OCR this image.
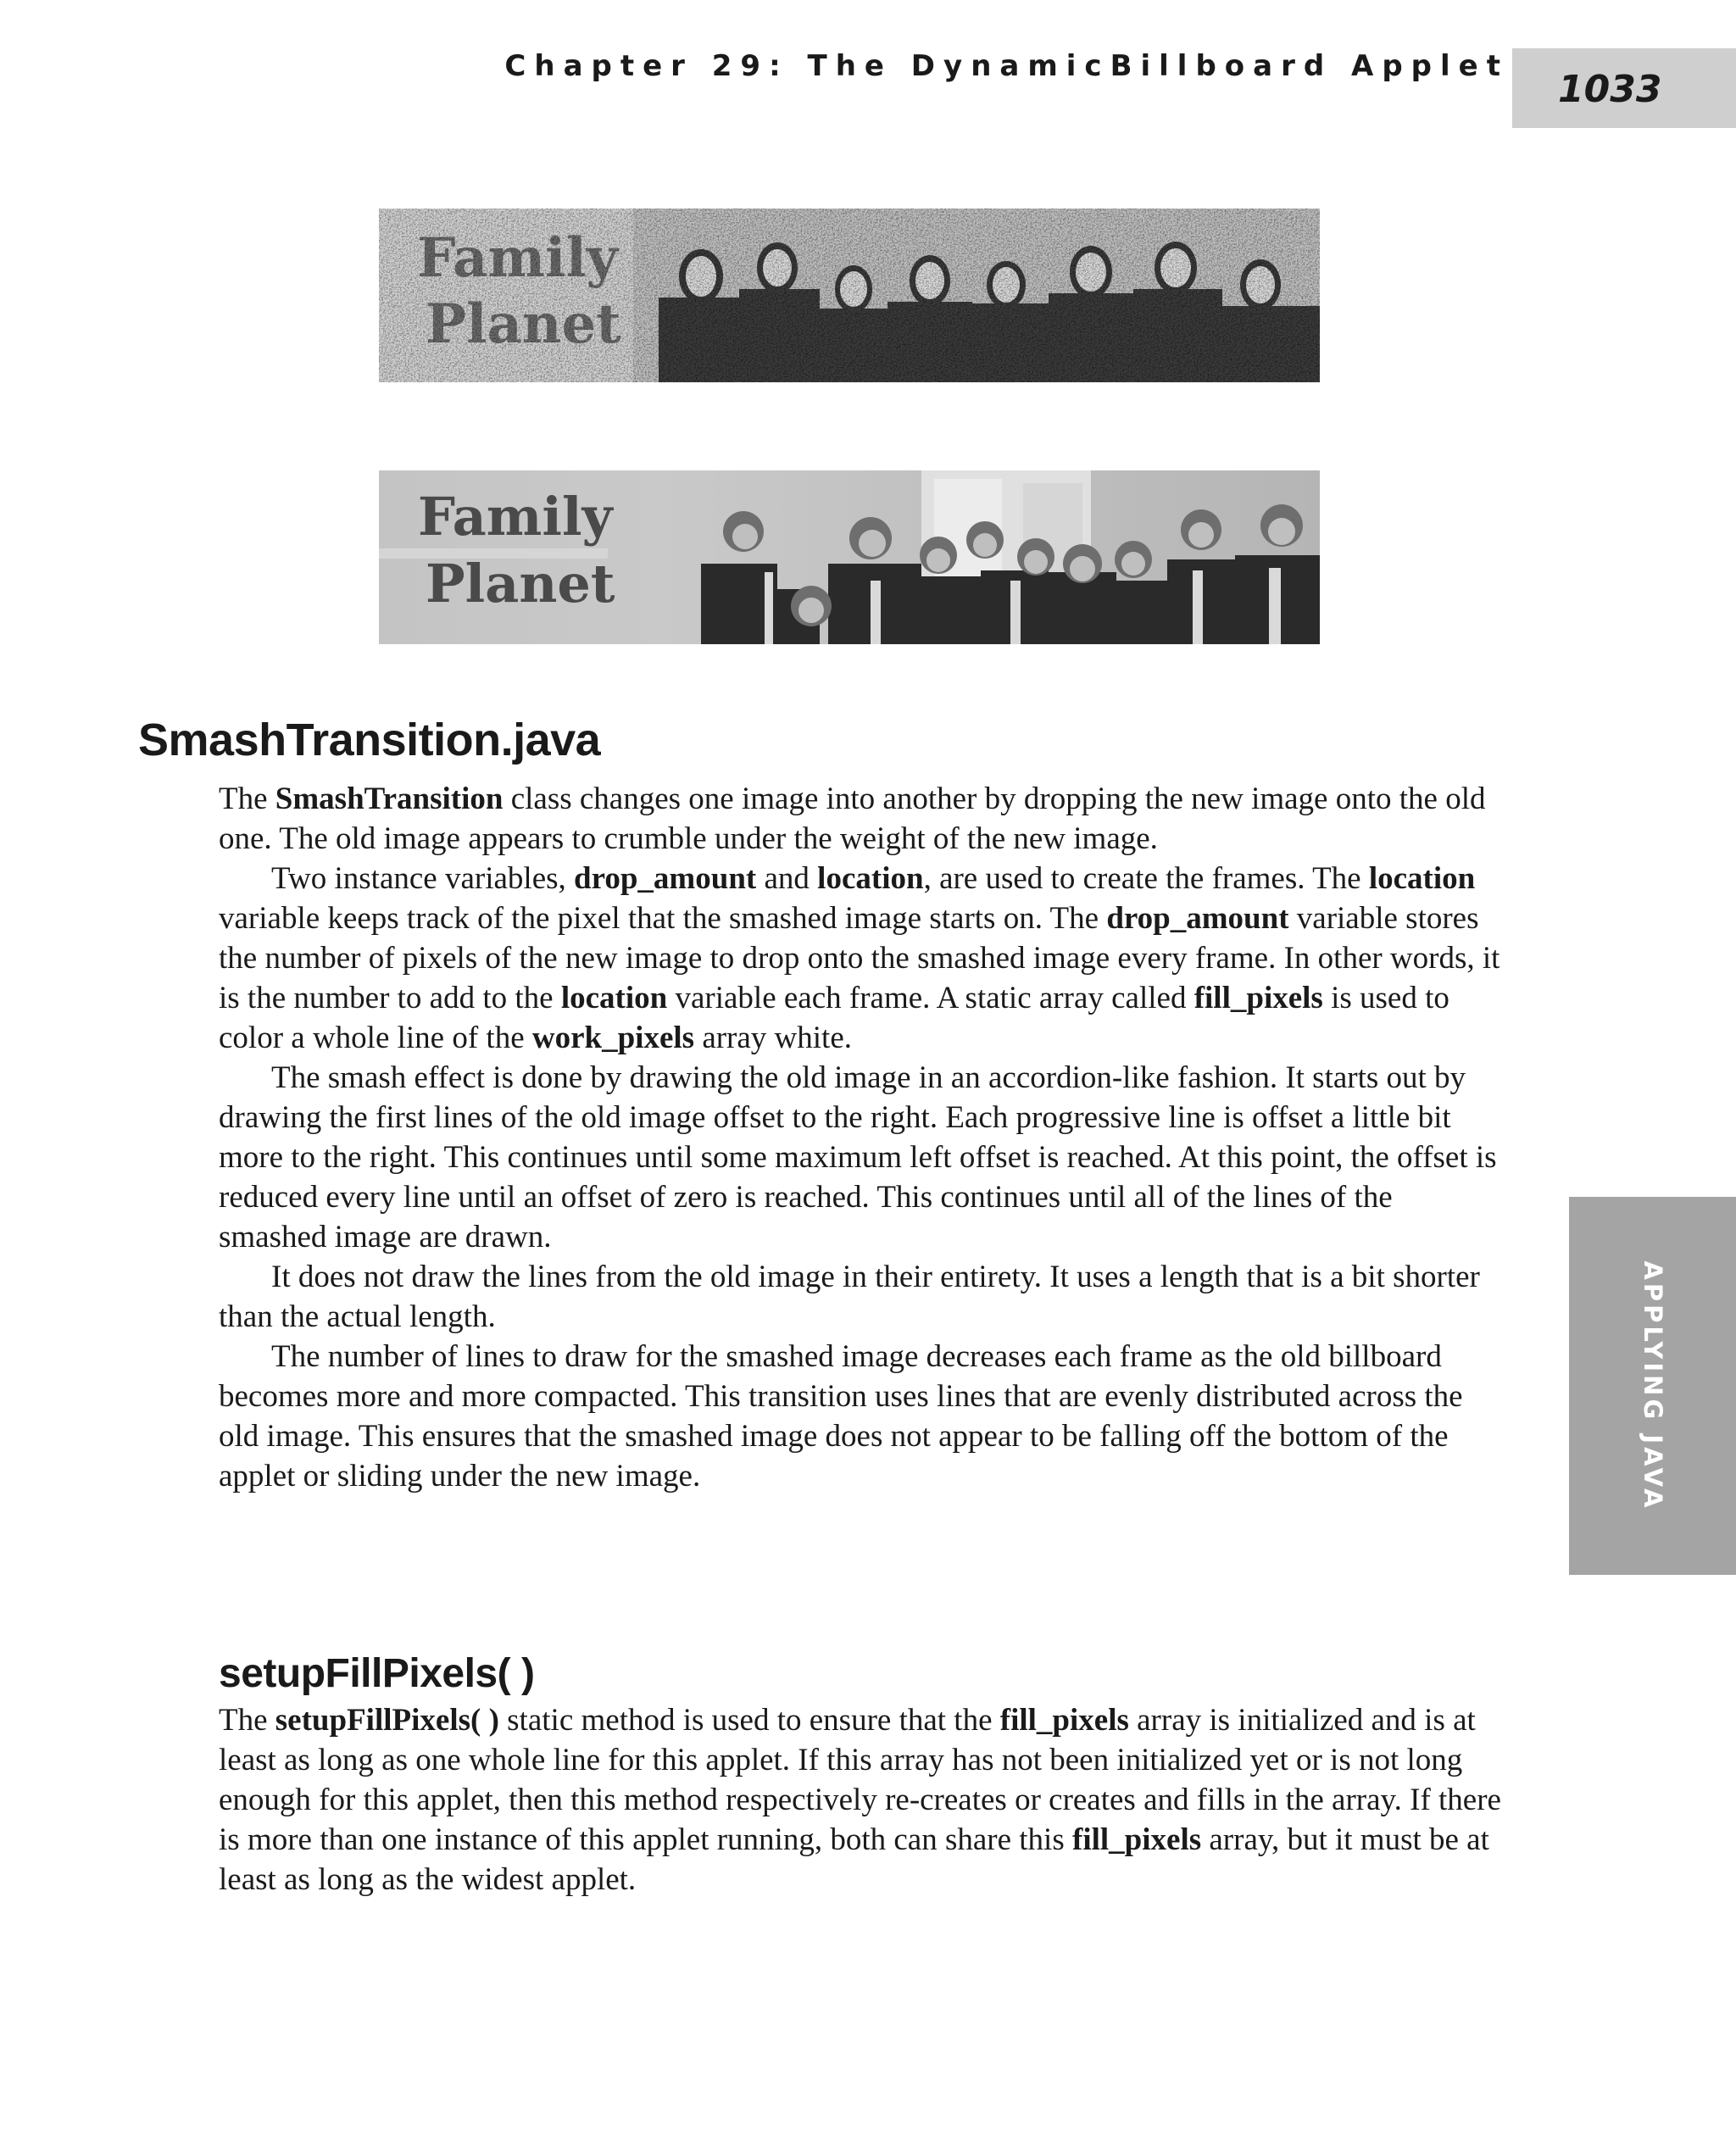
Chapter 29: The DynamicBillboard Applet
1033
Family
Planet
Family
Planet
APPLYING JAVA
SmashTransition.java

The SmashTransition class changes one image into another by dropping the new image onto the old one. The old image appears to crumble under the weight of the new image.

Two instance variables, drop_amount and location, are used to create the frames. The location variable keeps track of the pixel that the smashed image starts on. The drop_amount variable stores the number of pixels of the new image to drop onto the smashed image every frame. In other words, it is the number to add to the location variable each frame. A static array called fill_pixels is used to color a whole line of the work_pixels array white.

The smash effect is done by drawing the old image in an accordion-like fashion. It starts out by drawing the first lines of the old image offset to the right. Each progressive line is offset a little bit more to the right. This continues until some maximum left offset is reached. At this point, the offset is reduced every line until an offset of zero is reached. This continues until all of the lines of the smashed image are drawn.

It does not draw the lines from the old image in their entirety. It uses a length that is a bit shorter than the actual length.

The number of lines to draw for the smashed image decreases each frame as the old billboard becomes more and more compacted. This transition uses lines that are evenly distributed across the old image. This ensures that the smashed image does not appear to be falling off the bottom of the applet or sliding under the new image.

setupFillPixels( )

The setupFillPixels( ) static method is used to ensure that the fill_pixels array is initialized and is at least as long as one whole line for this applet. If this array has not been initialized yet or is not long enough for this applet, then this method respectively re-creates or creates and fills in the array. If there is more than one instance of this applet running, both can share this fill_pixels array, but it must be at least as long as the widest applet.
